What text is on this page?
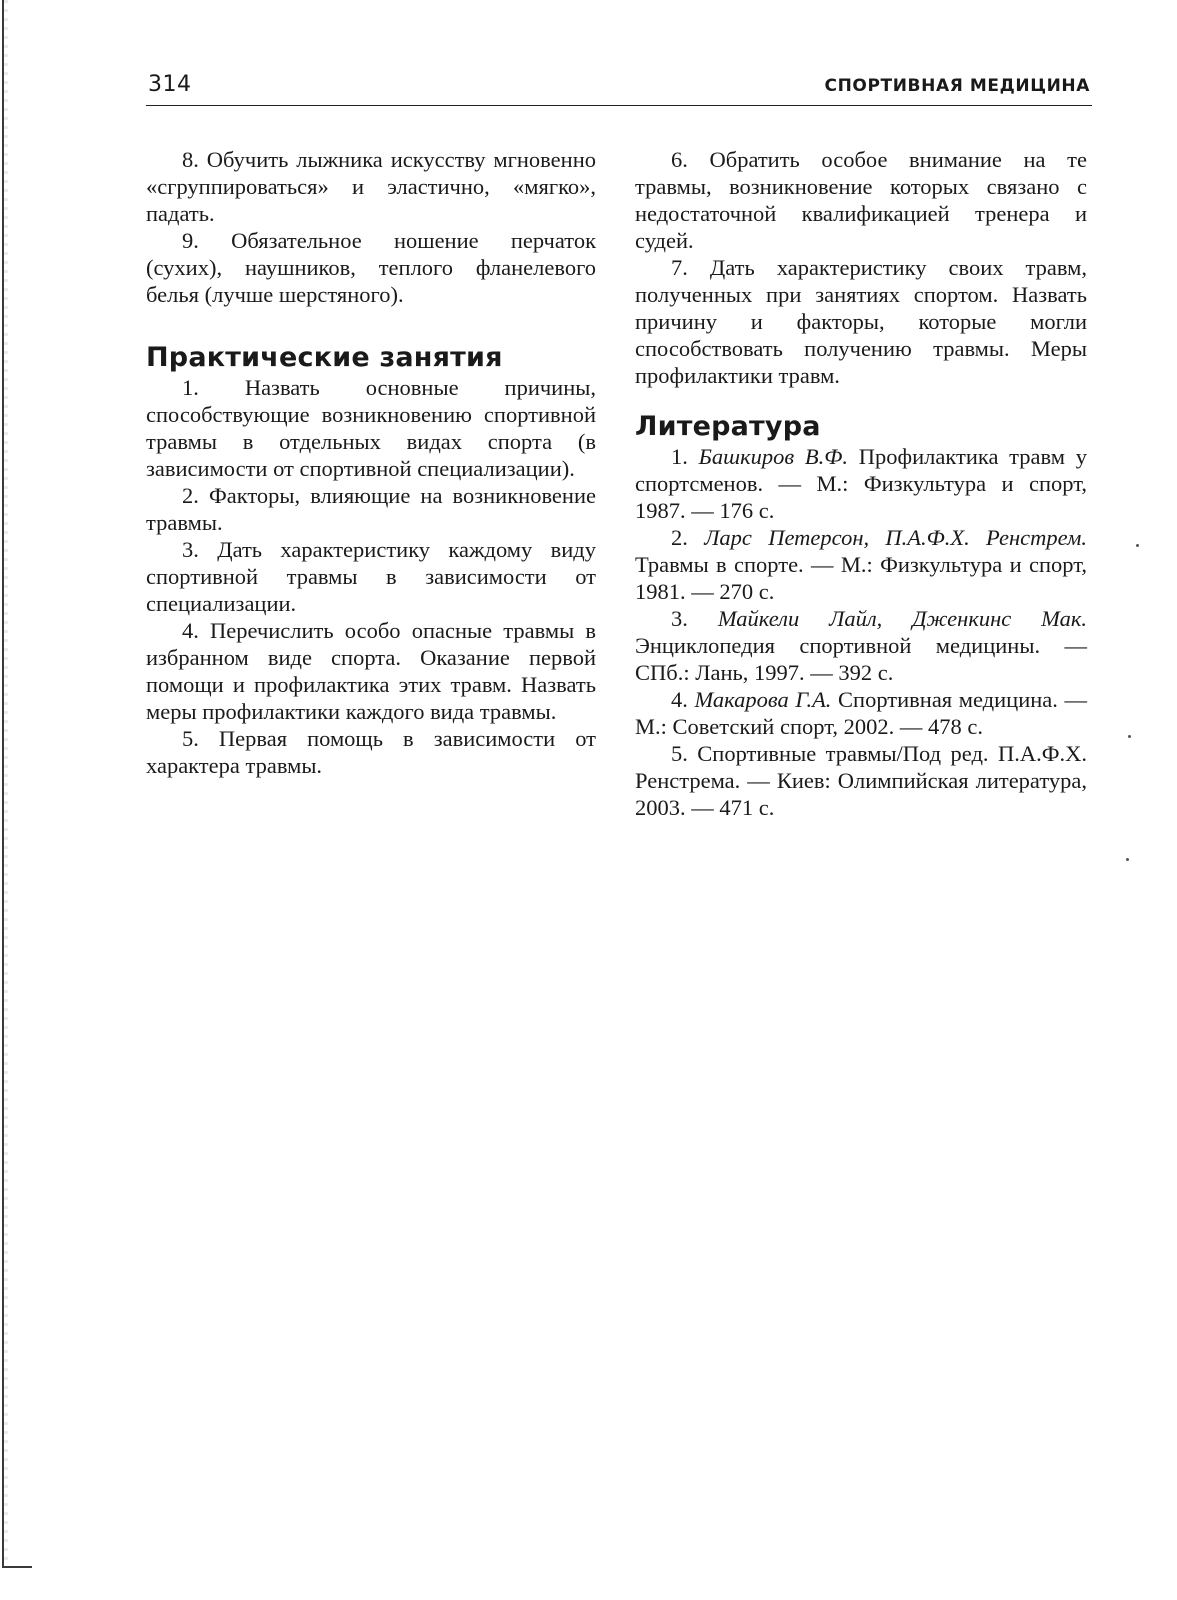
314	СПОРТИВНАЯ МЕДИЦИНА

8. Обучить лыжника искусству мгновенно «сгруппироваться» и эластично, «мягко», падать.

9. Обязательное ношение перчаток (сухих), наушников, теплого фланелевого белья (лучше шерстяного).

Практические занятия

1. Назвать основные причины, способствующие возникновению спортивной травмы в отдельных видах спорта (в зависимости от спортивной специализации).

2. Факторы, влияющие на возникновение травмы.

3. Дать характеристику каждому виду спортивной травмы в зависимости от специализации.

4. Перечислить особо опасные травмы в избранном виде спорта. Оказание первой помощи и профилактика этих травм. Назвать меры профилактики каждого вида травмы.

5. Первая помощь в зависимости от характера травмы.

6. Обратить особое внимание на те травмы, возникновение которых связано с недостаточной квалификацией тренера и судей.

7. Дать характеристику своих травм, полученных при занятиях спортом. Назвать причину и факторы, которые могли способствовать получению травмы. Меры профилактики травм.

Литература

1. Башкиров В.Ф. Профилактика травм у спортсменов. — М.: Физкультура и спорт, 1987. — 176 с.

2. Ларс Петерсон, П.А.Ф.Х. Ренстрем. Травмы в спорте. — М.: Физкультура и спорт, 1981. — 270 с.

3. Майкели Лайл, Дженкинс Мак. Энциклопедия спортивной медицины. — СПб.: Лань, 1997. — 392 с.

4. Макарова Г.А. Спортивная медицина. — М.: Советский спорт, 2002. — 478 с.

5. Спортивные травмы/Под ред. П.А.Ф.Х. Ренстрема. — Киев: Олимпийская литература, 2003. — 471 с.
